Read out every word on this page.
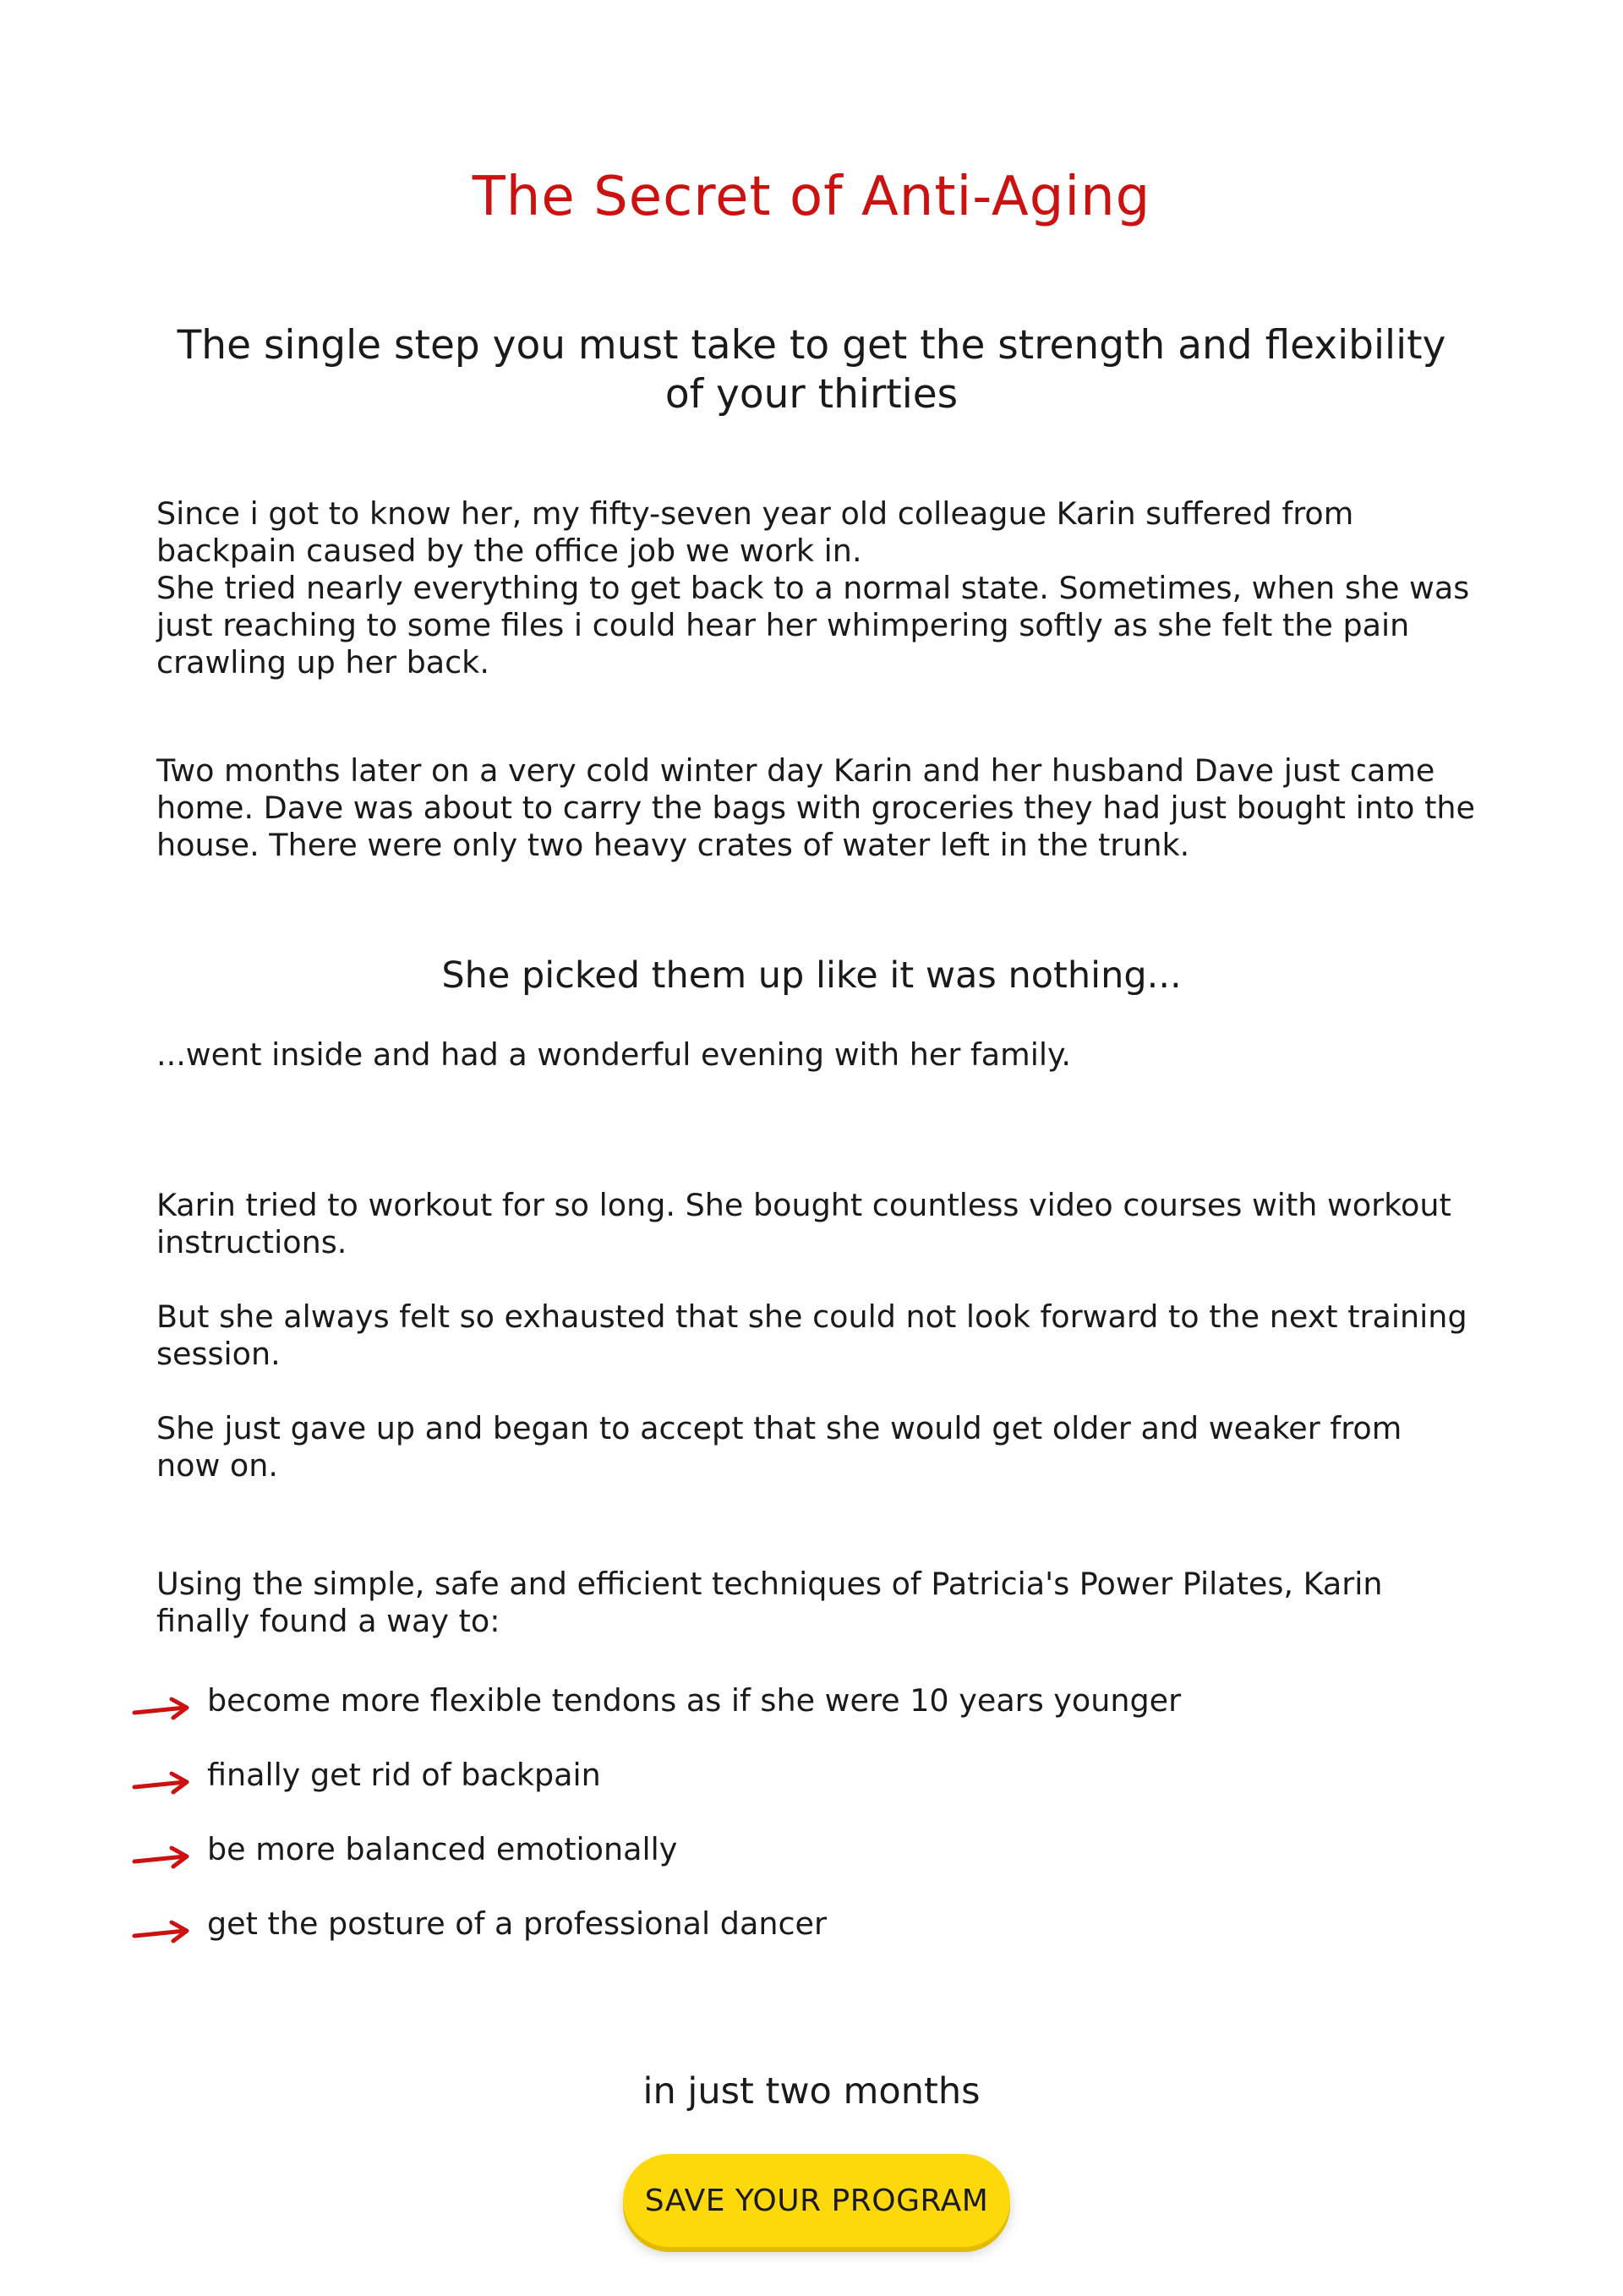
The Secret of Anti-Aging
The single step you must take to get the strength and flexibility of your thirties

Since i got to know her, my fifty-seven year old colleague Karin suffered from backpain caused by the office job we work in.

She tried nearly everything to get back to a normal state. Sometimes, when she was just reaching to some files i could hear her whimpering softly as she felt the pain crawling up her back.

Two months later on a very cold winter day Karin and her husband Dave just came home. Dave was about to carry the bags with groceries they had just bought into the house. There were only two heavy crates of water left in the trunk.

She picked them up like it was nothing...

...went inside and had a wonderful evening with her family.

Karin tried to workout for so long. She bought countless video courses with workout instructions.

But she always felt so exhausted that she could not look forward to the next training session.

She just gave up and began to accept that she would get older and weaker from now on.

Using the simple, safe and efficient techniques of Patricia's Power Pilates, Karin finally found a way to:

become more flexible tendons as if she were 10 years younger
finally get rid of backpain
be more balanced emotionally
get the posture of a professional dancer
in just two months
SAVE YOUR PROGRAM
